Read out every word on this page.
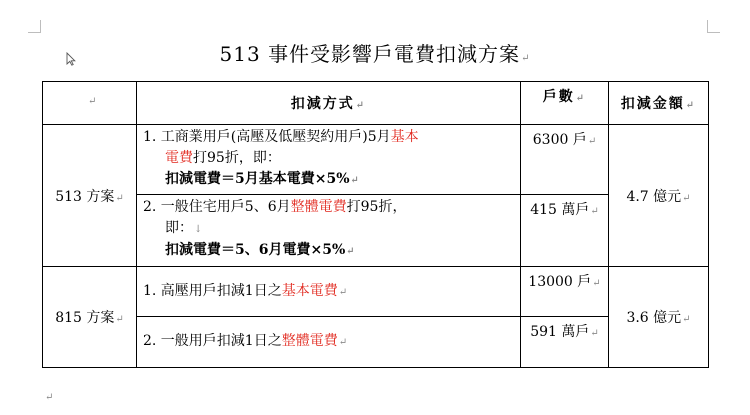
513 事件受影響戶電費扣減方案↵
↵	扣減方式↵	戶數↵	扣減金額↵
513 方案↵	1. 工商業用戶(高壓及低壓契約用戶)5月基本
電費打95折，即：
扣減電費＝5月基本電費×5%↵	6300 戶↵	4.7 億元↵

	2. 一般住宅用戶5、6月整體電費打95折，
即：↓
扣減電費＝5、6月電費×5%↵	415 萬戶↵	
815 方案↵	1. 高壓用戶扣減1日之基本電費↵	13000 戶↵	3.6 億元↵

	2. 一般用戶扣減1日之整體電費↵	591 萬戶↵	
↵
